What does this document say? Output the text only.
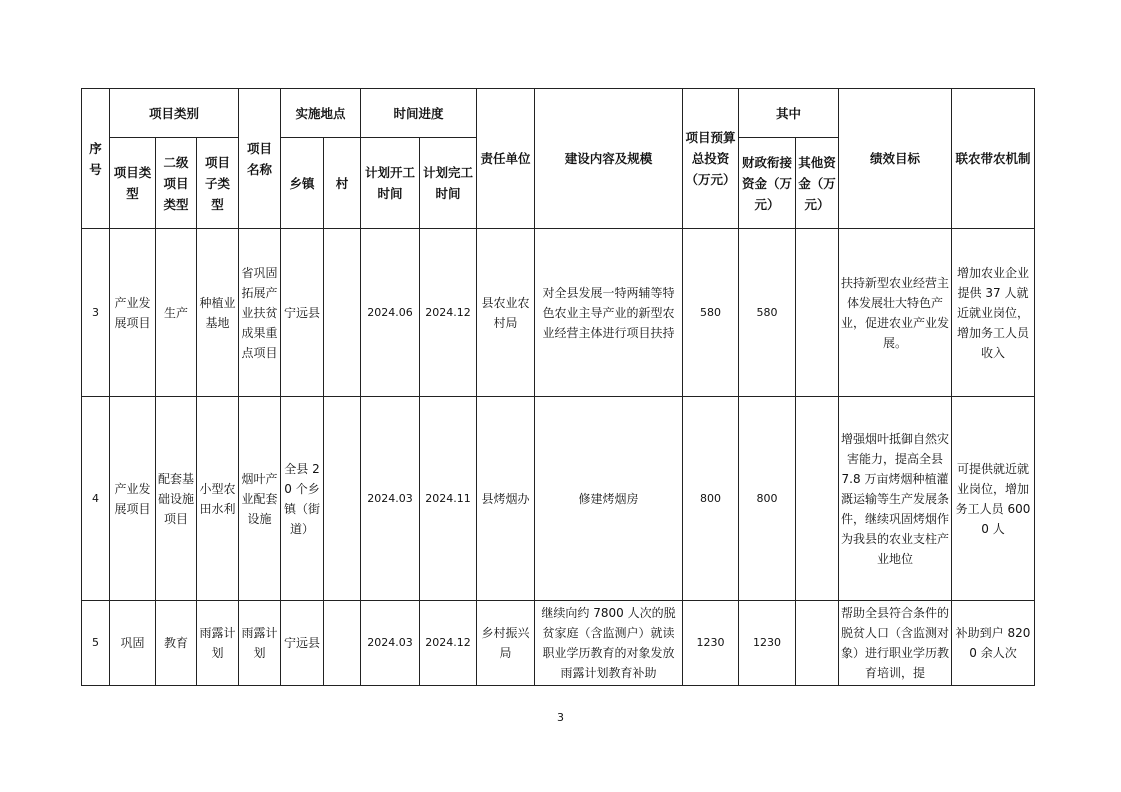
序号	项目类别			项目名称	实施地点		时间进度		责任单位	建设内容及规模	项目预算总投资（万元）	其中		绩效目标	联农带农机制
	项目类型	二级项目类型	项目子类型		乡镇	村	计划开工时间	计划完工时间				财政衔接资金（万元）	其他资金（万元）		
3	产业发展项目	生产	种植业基地	省巩固拓展产业扶贫成果重点项目	宁远县		2024.06	2024.12	县农业农村局	对全县发展一特两辅等特色农业主导产业的新型农业经营主体进行项目扶持	580	580		扶持新型农业经营主体发展壮大特色产业，促进农业产业发展。	增加农业企业提供 37 人就近就业岗位，增加务工人员收入
4	产业发展项目	配套基础设施项目	小型农田水利	烟叶产业配套设施	全县 20 个乡镇（街道）		2024.03	2024.11	县烤烟办	修建烤烟房	800	800		增强烟叶抵御自然灾害能力，提高全县 7.8 万亩烤烟种植灌溉运输等生产发展条件，继续巩固烤烟作为我县的农业支柱产业地位	可提供就近就业岗位，增加务工人员 6000 人
5	巩固	教育	雨露计划	雨露计划	宁远县		2024.03	2024.12	乡村振兴局	继续向约 7800 人次的脱贫家庭（含监测户）就读职业学历教育的对象发放雨露计划教育补助	1230	1230		帮助全县符合条件的脱贫人口（含监测对象）进行职业学历教育培训，提	补助到户 8200 余人次
3
